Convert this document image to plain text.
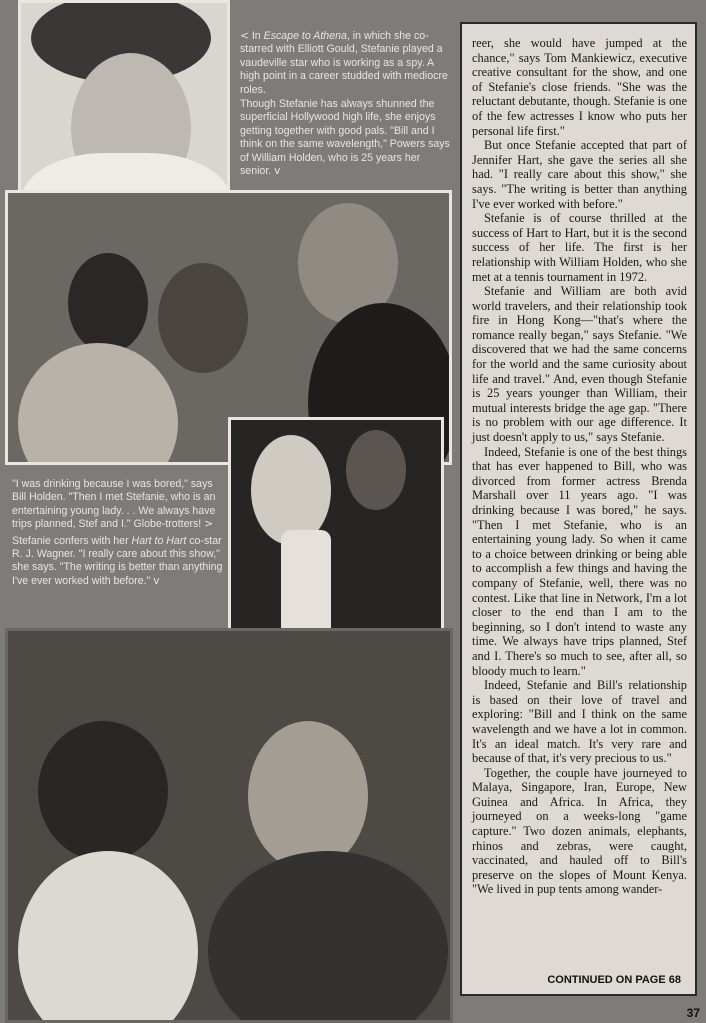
< In Escape to Athena, in which she co-starred with Elliott Gould, Stefanie played a vaudeville star who is working as a spy. A high point in a career studded with mediocre roles.

Though Stefanie has always shunned the superficial Hollywood high life, she enjoys getting together with good pals. "Bill and I think on the same wavelength," Powers says of William Holden, who is 25 years her senior. v

"I was drinking because I was bored," says Bill Holden. "Then I met Stefanie, who is an entertaining young lady. . . We always have trips planned, Stef and I." Globe-trotters! >

Stefanie confers with her Hart to Hart co-star R. J. Wagner. "I really care about this show," she says. "The writing is better than anything I've ever worked with before." v

reer, she would have jumped at the chance," says Tom Mankiewicz, executive creative consultant for the show, and one of Stefanie's close friends. "She was the reluctant debutante, though. Stefanie is one of the few actresses I know who puts her personal life first."

But once Stefanie accepted that part of Jennifer Hart, she gave the series all she had. "I really care about this show," she says. "The writing is better than anything I've ever worked with before."

Stefanie is of course thrilled at the success of Hart to Hart, but it is the second success of her life. The first is her relationship with William Holden, who she met at a tennis tournament in 1972.

Stefanie and William are both avid world travelers, and their relationship took fire in Hong Kong—"that's where the romance really began," says Stefanie. "We discovered that we had the same concerns for the world and the same curiosity about life and travel." And, even though Stefanie is 25 years younger than William, their mutual interests bridge the age gap. "There is no problem with our age difference. It just doesn't apply to us," says Stefanie.

Indeed, Stefanie is one of the best things that has ever happened to Bill, who was divorced from former actress Brenda Marshall over 11 years ago. "I was drinking because I was bored," he says. "Then I met Stefanie, who is an entertaining young lady. So when it came to a choice between drinking or being able to accomplish a few things and having the company of Stefanie, well, there was no contest. Like that line in Network, I'm a lot closer to the end than I am to the beginning, so I don't intend to waste any time. We always have trips planned, Stef and I. There's so much to see, after all, so bloody much to learn."

Indeed, Stefanie and Bill's relationship is based on their love of travel and exploring: "Bill and I think on the same wavelength and we have a lot in common. It's an ideal match. It's very rare and because of that, it's very precious to us."

Together, the couple have journeyed to Malaya, Singapore, Iran, Europe, New Guinea and Africa. In Africa, they journeyed on a weeks-long "game capture." Two dozen animals, elephants, rhinos and zebras, were caught, vaccinated, and hauled off to Bill's preserve on the slopes of Mount Kenya. "We lived in pup tents among wander-

CONTINUED ON PAGE 68
37
